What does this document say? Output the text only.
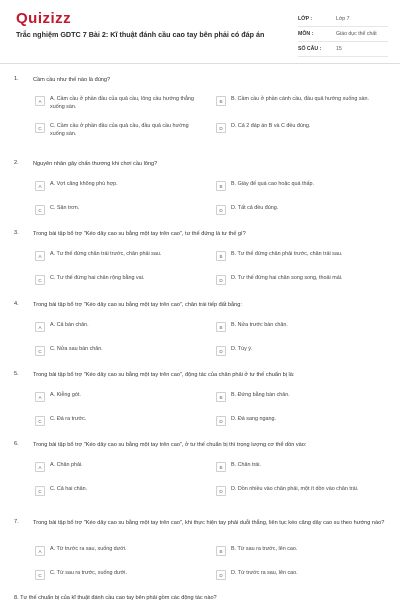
Quizizz
Trắc nghiệm GDTC 7 Bài 2: Kĩ thuật đánh cầu cao tay bên phải có đáp án
LỚP :	Lớp 7
MÔN :	Giáo dục thể chất
SỐ CÂU :	15
1.	Cầm cầu như thế nào là đúng?
A	A. Cầm cầu ở phần đầu của quả cầu, lông cầu hướng thẳng xuống sàn.
B	B. Cầm cầu ở phần cánh cầu, đầu quả hướng xuống sàn.
C	C. Cầm cầu ở phần đầu của quả cầu, đầu quả cầu hướng xuống sàn.
D	D. Cả 2 đáp án B và C đều đúng.
2.	Nguyên nhân gây chấn thương khi chơi cầu lông?
A	A. Vợt căng không phù hợp.	B	B. Giày đế quá cao hoặc quá thấp.
C	C. Sân trơn.	D	D. Tất cả đều đúng.
3.	Trong bài tập bổ trợ "Kéo dây cao su bằng một tay trên cao", tư thế đứng là tư thế gì?
A	A. Tư thế đứng chân trái trước, chân phải sau.	B	B. Tư thế đứng chân phải trước, chân trái sau.
C	C. Tư thế đứng hai chân rộng bằng vai.	D	D. Tư thế đứng hai chân song song, thoải mái.
4.	Trong bài tập bổ trợ "Kéo dây cao su bằng một tay trên cao", chân trái tiếp đất bằng:
A	A. Cả bàn chân.	B	B. Nửa trước bàn chân.
C	C. Nửa sau bàn chân.	D	D. Tùy ý.
5.	Trong bài tập bổ trợ "Kéo dây cao su bằng một tay trên cao", động tác của chân phải ở tư thế chuẩn bị là:
A	A. Kiễng gót.	B	B. Đứng bằng bàn chân.
C	C. Đá ra trước.	D	D. Đá sang ngang.
6.	Trong bài tập bổ trợ "Kéo dây cao su bằng một tay trên cao", ở tư thế chuẩn bị thì trọng lượng cơ thể dồn vào:
A	A. Chân phải.	B	B. Chân trái.
C	C. Cả hai chân.	D	D. Dồn nhiều vào chân phải, một ít dồn vào chân trái.
7.	Trong bài tập bổ trợ "Kéo dây cao su bằng một tay trên cao", khi thực hiện tay phải duỗi thẳng, liên tục kéo căng dây cao su theo hướng nào?
A	A. Từ trước ra sau, xuống dưới.	B	B. Từ sau ra trước, lên cao.
C	C. Từ sau ra trước, xuống dưới.	D	D. Từ trước ra sau, lên cao.
8. Tư thế chuẩn bị của kĩ thuật đánh cầu cao tay bên phải gồm các động tác nào?
